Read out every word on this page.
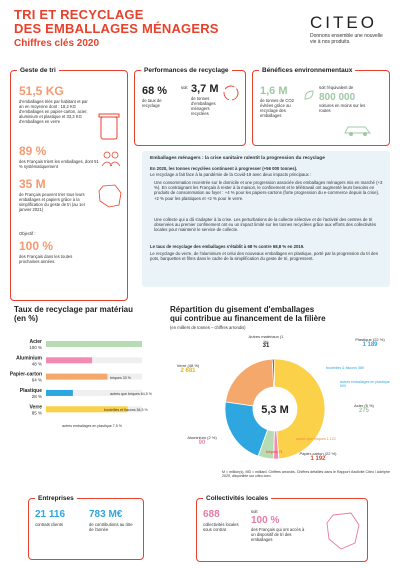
TRI ET RECYCLAGE
DES EMBALLAGES MÉNAGERS
Chiffres clés 2020
CITEO
Donnons ensemble une nouvelle vie à nos produits.
Geste de tri
51,5 KG
d'emballages triés par habitant et par an en moyenne dont : 18,2 KG d'emballages en papier-carton, acier, aluminium et plastique et 33,3 KG d'emballages en verre
89 %
des Français trient les emballages, dont 51 % systématiquement
35 M
de Français peuvent trier tous leurs emballages et papiers grâce à la simplification du geste de tri (au 1er janvier 2021)
Objectif :
100 %
des Français dans les toutes prochaines années.
Performances de recyclage
68 %
de taux de recyclage
soit 3,7 M
de tonnes d'emballages ménagers recyclées
Bénéfices environnementaux
1,6 M
de tonnes de CO2 évitées grâce au recyclage des emballages
soit l'équivalent de
800 000
voitures en moins sur les routes
Emballages ménagers : la crise sanitaire ralentit la progression du recyclage
En 2020, les tonnes recyclées continuent à progresser (+56 000 tonnes).
Le recyclage a fait face à la pandémie de la Covid-19 avec deux impacts principaux :
Une consommation recentrée sur le domicile et une progression associée des emballages ménagers mis en marché (+3 %). En contraignant les Français à rester à la maison, le confinement et le télétravail ont augmenté leurs besoins en produits de consommation au foyer : +4 % pour les papiers-cartons (forte progression du e-commerce depuis la crise), +2 % pour les plastiques et +2 % pour le verre.
Une collecte qui a dû s'adapter à la crise. Les perturbations de la collecte sélective et de l'activité des centres de tri observées au premier confinement ont eu un impact limité sur les tonnes recyclées grâce aux efforts des collectivités locales pour maintenir le service de collecte.
Le taux de recyclage des emballages s'établit à 68 % contre 68,8 % en 2019.
Le recyclage du verre, de l'aluminium et celui des nouveaux emballages en plastique, porté par la progression du tri des pots, barquettes et films dans le cadre de la simplification du geste de tri, progressent.
Taux de recyclage par matériau (en %)
Acier
100 %
Aluminium
48 %
Papier-carton
64 %
Plastique
28 %
Verre
85 %
briques 33 %
autres que briques 64,5 %
bouteilles et flacons 54,5 %
autres emballages en plastique 7,5 %
Répartition du gisement d'emballages
qui contribue au financement de la filière
(en milliers de tonnes – chiffres arrondis)
5,3 M
Autres matériaux (1 %)
31
Plastique (22 %)
1 189
bouteilles & flacons 589
autres emballages en plastique 600
Acier (5 %)
275
Verre (48 %)
2 681
Aluminium (2 %)
90
briques 71
autres que briques 1 122
Papier-carton (22 %)
1 192
M = million(s), MD = milliard. Chiffres arrondis. Chiffres détaillés dans le Rapport d'activité Citeo / Adelphe 2020, disponible sur citeo.com.
Entreprises
21 116
contrats clients
783 M€
de contributions au titre de l'année
Collectivités locales
688
collectivités locales sous contrat
soit
100 %
des Français qui ont accès à un dispositif de tri des emballages
